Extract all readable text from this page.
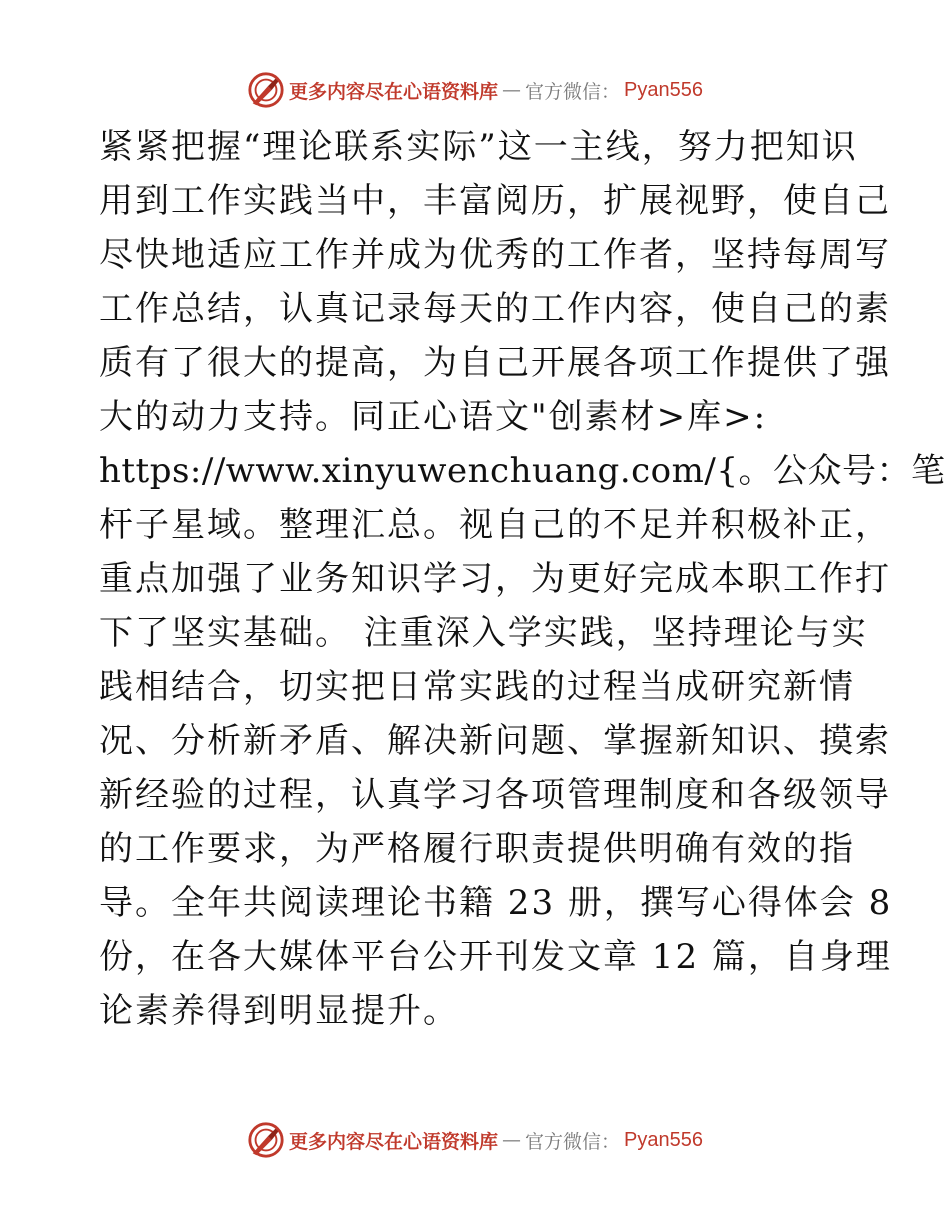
更多内容尽在心语资料库 — 官方微信： Pyan556
紧紧把握“理论联系实际”这一主线，努力把知识
用到工作实践当中，丰富阅历，扩展视野，使自己
尽快地适应工作并成为优秀的工作者，坚持每周写
工作总结，认真记录每天的工作内容，使自己的素
质有了很大的提高，为自己开展各项工作提供了强
大的动力支持。同正心语文"创素材>库>:
https://www.xinyuwenchuang.com/{。公众号：笔
杆子星域。整理汇总。视自己的不足并积极补正，
重点加强了业务知识学习，为更好完成本职工作打
下了坚实基础。 注重深入学实践，坚持理论与实
践相结合，切实把日常实践的过程当成研究新情
况、分析新矛盾、解决新问题、掌握新知识、摸索
新经验的过程，认真学习各项管理制度和各级领导
的工作要求，为严格履行职责提供明确有效的指
导。全年共阅读理论书籍 23 册，撰写心得体会 8
份，在各大媒体平台公开刊发文章 12 篇，自身理
论素养得到明显提升。
更多内容尽在心语资料库 — 官方微信： Pyan556
